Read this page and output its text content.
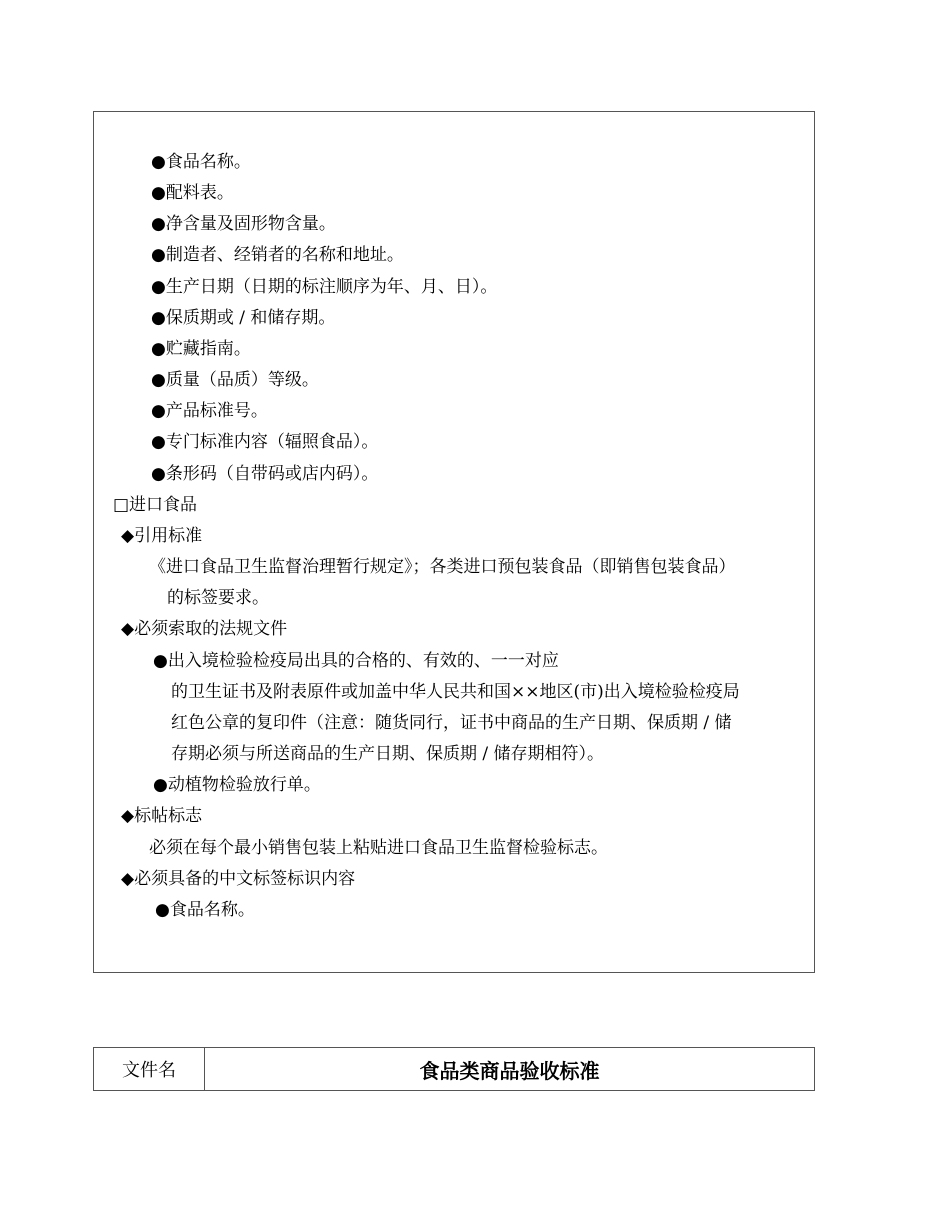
●食品名称。
●配料表。
●净含量及固形物含量。
●制造者、经销者的名称和地址。
●生产日期（日期的标注顺序为年、月、日）。
●保质期或 / 和储存期。
●贮藏指南。
●质量（品质）等级。
●产品标准号。
●专门标准内容（辐照食品）。
●条形码（自带码或店内码）。
□进口食品
◆引用标准
《进口食品卫生监督治理暂行规定》；各类进口预包装食品（即销售包装食品）
的标签要求。
◆必须索取的法规文件
●出入境检验检疫局出具的合格的、有效的、一一对应
的卫生证书及附表原件或加盖中华人民共和国××地区(市)出入境检验检疫局
红色公章的复印件（注意：随货同行，证书中商品的生产日期、保质期 / 储
存期必须与所送商品的生产日期、保质期 / 储存期相符）。
●动植物检验放行单。
◆标帖标志
必须在每个最小销售包装上粘贴进口食品卫生监督检验标志。
◆必须具备的中文标签标识内容
●食品名称。
文件名	食品类商品验收标准
